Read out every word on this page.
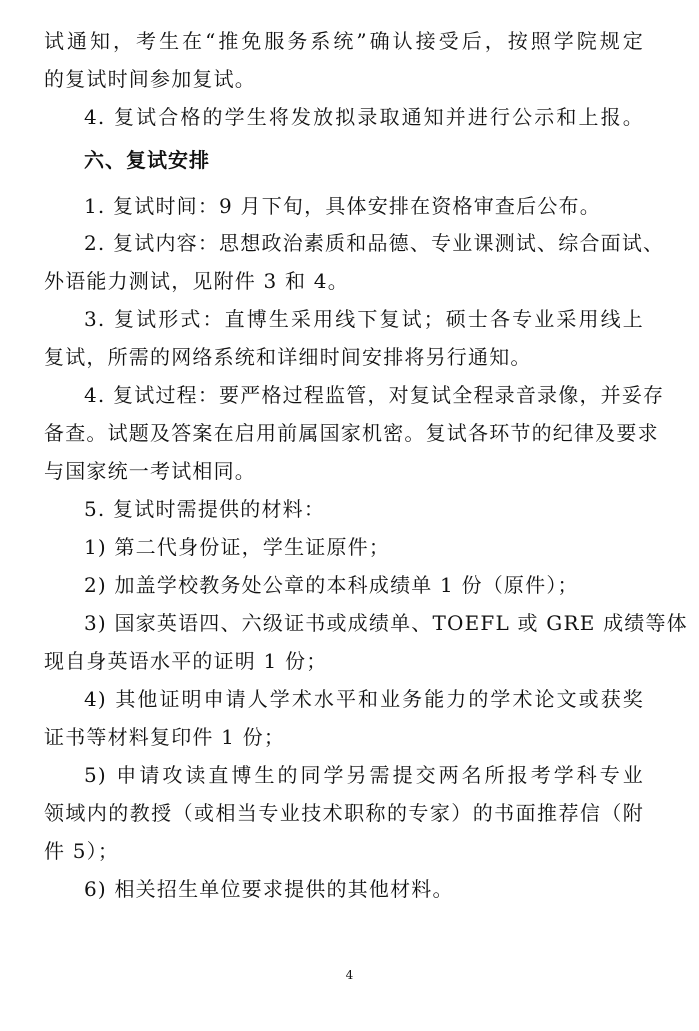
试通知，考生在“推免服务系统”确认接受后，按照学院规定
的复试时间参加复试。
4. 复试合格的学生将发放拟录取通知并进行公示和上报。
六、复试安排
1. 复试时间：9 月下旬，具体安排在资格审查后公布。
2. 复试内容：思想政治素质和品德、专业课测试、综合面试、
外语能力测试，见附件 3 和 4。
3. 复试形式：直博生采用线下复试；硕士各专业采用线上
复试，所需的网络系统和详细时间安排将另行通知。
4. 复试过程：要严格过程监管，对复试全程录音录像，并妥存
备查。试题及答案在启用前属国家机密。复试各环节的纪律及要求
与国家统一考试相同。
5. 复试时需提供的材料：
1) 第二代身份证，学生证原件；
2) 加盖学校教务处公章的本科成绩单 1 份（原件）；
3) 国家英语四、六级证书或成绩单、TOEFL 或 GRE 成绩等体
现自身英语水平的证明 1 份；
4) 其他证明申请人学术水平和业务能力的学术论文或获奖
证书等材料复印件 1 份；
5) 申请攻读直博生的同学另需提交两名所报考学科专业
领域内的教授（或相当专业技术职称的专家）的书面推荐信（附
件 5）；
6) 相关招生单位要求提供的其他材料。
4
